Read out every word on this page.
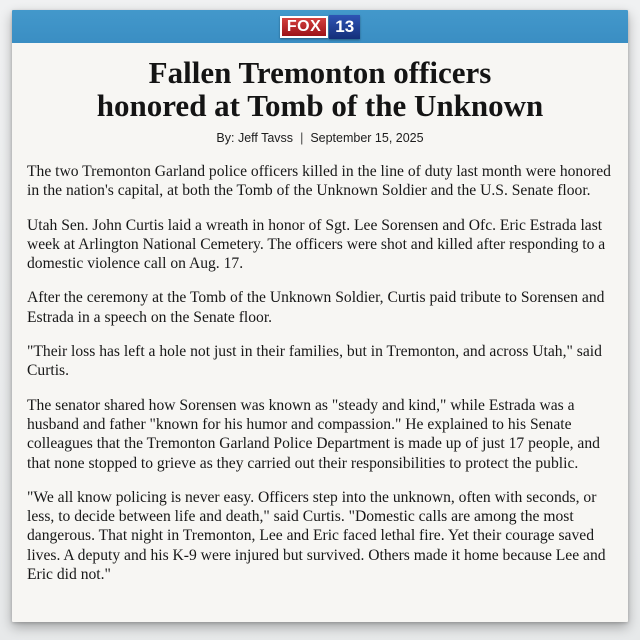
FOX 13
Fallen Tremonton officers
honored at Tomb of the Unknown
By: Jeff Tavss | September 15, 2025

The two Tremonton Garland police officers killed in the line of duty last month were honored in the nation's capital, at both the Tomb of the Unknown Soldier and the U.S. Senate floor.

Utah Sen. John Curtis laid a wreath in honor of Sgt. Lee Sorensen and Ofc. Eric Estrada last week at Arlington National Cemetery. The officers were shot and killed after responding to a domestic violence call on Aug. 17.

After the ceremony at the Tomb of the Unknown Soldier, Curtis paid tribute to Sorensen and Estrada in a speech on the Senate floor.

"Their loss has left a hole not just in their families, but in Tremonton, and across Utah," said Curtis.

The senator shared how Sorensen was known as "steady and kind," while Estrada was a husband and father "known for his humor and compassion." He explained to his Senate colleagues that the Tremonton Garland Police Department is made up of just 17 people, and that none stopped to grieve as they carried out their responsibilities to protect the public.

"We all know policing is never easy. Officers step into the unknown, often with seconds, or less, to decide between life and death," said Curtis. "Domestic calls are among the most dangerous. That night in Tremonton, Lee and Eric faced lethal fire. Yet their courage saved lives. A deputy and his K-9 were injured but survived. Others made it home because Lee and Eric did not."
